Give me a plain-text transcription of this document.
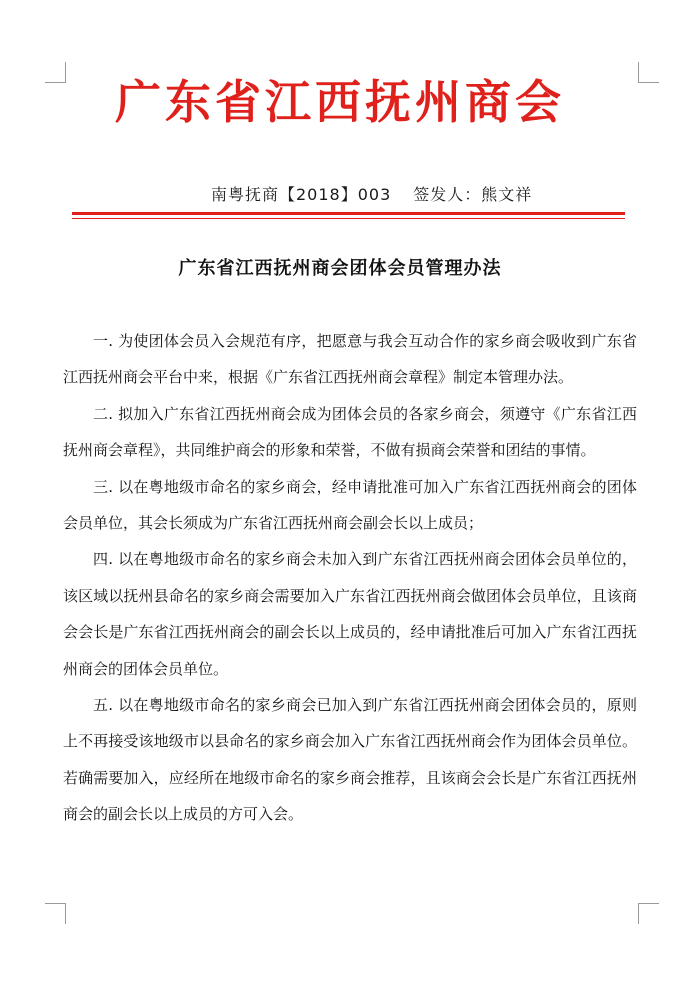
广东省江西抚州商会
南粤抚商【2018】003 签发人：熊文祥
广东省江西抚州商会团体会员管理办法

一. 为使团体会员入会规范有序，把愿意与我会互动合作的家乡商会吸收到广东省江西抚州商会平台中来，根据《广东省江西抚州商会章程》制定本管理办法。

二. 拟加入广东省江西抚州商会成为团体会员的各家乡商会，须遵守《广东省江西抚州商会章程》，共同维护商会的形象和荣誉，不做有损商会荣誉和团结的事情。

三. 以在粤地级市命名的家乡商会，经申请批准可加入广东省江西抚州商会的团体会员单位，其会长须成为广东省江西抚州商会副会长以上成员；

四. 以在粤地级市命名的家乡商会未加入到广东省江西抚州商会团体会员单位的，该区域以抚州县命名的家乡商会需要加入广东省江西抚州商会做团体会员单位，且该商会会长是广东省江西抚州商会的副会长以上成员的，经申请批准后可加入广东省江西抚州商会的团体会员单位。

五. 以在粤地级市命名的家乡商会已加入到广东省江西抚州商会团体会员的，原则上不再接受该地级市以县命名的家乡商会加入广东省江西抚州商会作为团体会员单位。若确需要加入，应经所在地级市命名的家乡商会推荐，且该商会会长是广东省江西抚州商会的副会长以上成员的方可入会。
